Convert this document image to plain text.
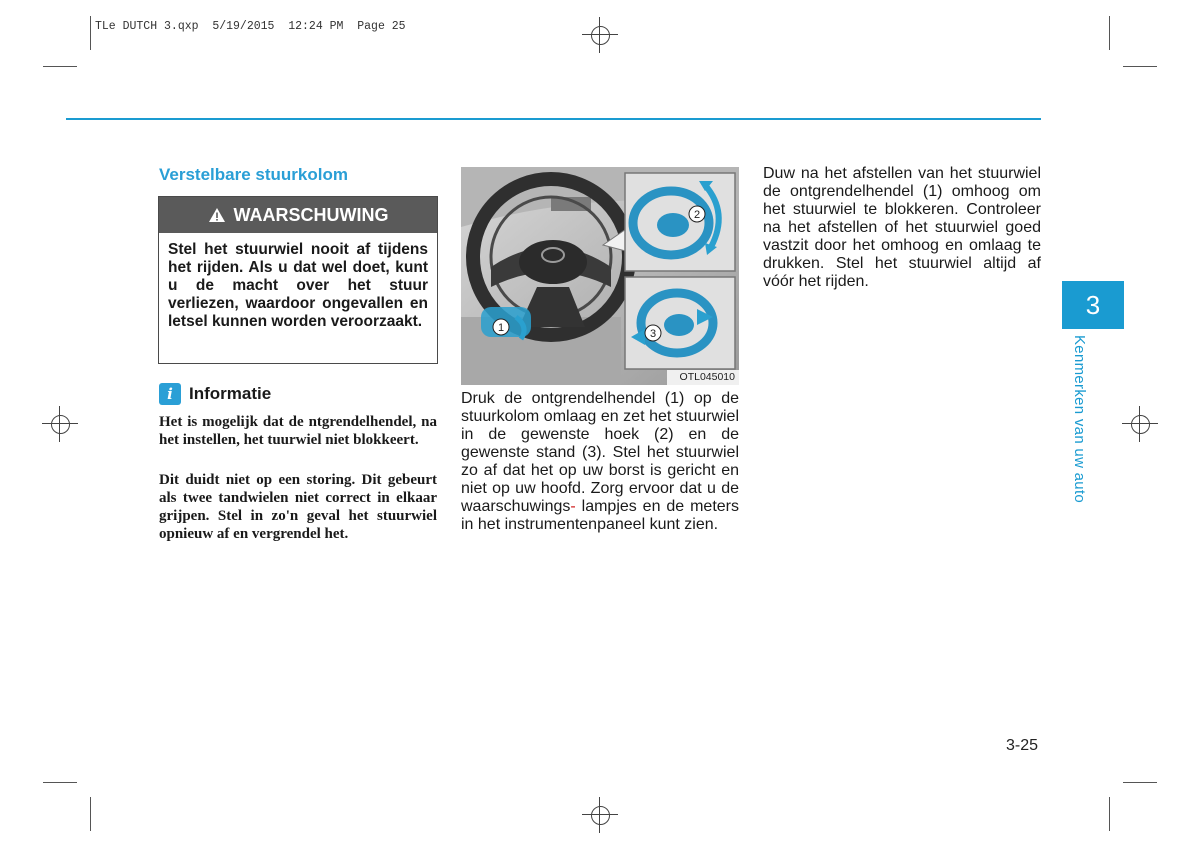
TLe DUTCH 3.qxp  5/19/2015  12:24 PM  Page 25
Verstelbare stuurkolom
WAARSCHUWING
Stel het stuurwiel nooit af tijdens het rijden. Als u dat wel doet, kunt u de macht over het stuur verliezen, waardoor ongevallen en letsel kunnen worden veroorzaakt.
i Informatie
Het is mogelijk dat de ntgrendelhendel, na het instellen, het tuurwiel niet blokkeert.
Dit duidt niet op een storing. Dit gebeurt als twee tandwielen niet correct in elkaar grijpen. Stel in zo'n geval het stuurwiel opnieuw af en vergrendel het.
1
2
3
OTL045010
Druk de ontgrendelhendel (1) op de stuurkolom omlaag en zet het stuurwiel in de gewenste hoek (2) en de gewenste stand (3). Stel het stuurwiel zo af dat het op uw borst is gericht en niet op uw hoofd. Zorg ervoor dat u de waarschuwings- lampjes en de meters in het instrumentenpaneel kunt zien.
Duw na het afstellen van het stuurwiel de ontgrendelhendel (1) omhoog om het stuurwiel te blokkeren. Controleer na het afstellen of het stuurwiel goed vastzit door het omhoog en omlaag te drukken. Stel het stuurwiel altijd af vóór het rijden.
3
Kenmerken van uw auto
3-25
